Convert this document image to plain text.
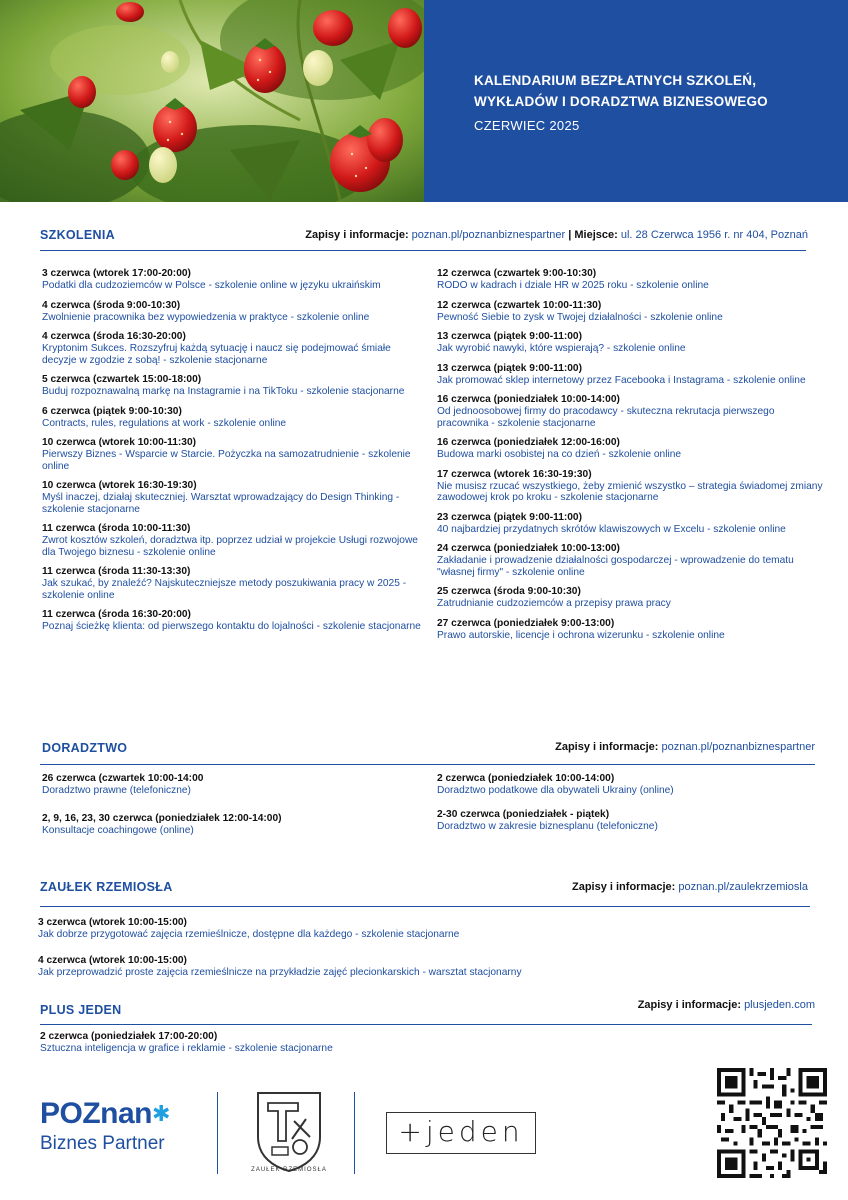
KALENDARIUM BEZPŁATNYCH SZKOLEŃ,
WYKŁADÓW I DORADZTWA BIZNESOWEGO
CZERWIEC 2025
SZKOLENIA	Zapisy i informacje: poznan.pl/poznanbiznespartner | Miejsce: ul. 28 Czerwca 1956 r. nr 404, Poznań
3 czerwca (wtorek 17:00-20:00)
Podatki dla cudzoziemców w Polsce - szkolenie online w języku ukraińskim
4 czerwca (środa 9:00-10:30)
Zwolnienie pracownika bez wypowiedzenia w praktyce - szkolenie online
4 czerwca (środa 16:30-20:00)
Kryptonim Sukces. Rozszyfruj każdą sytuację i naucz się podejmować śmiałe decyzje w zgodzie z sobą! - szkolenie stacjonarne
5 czerwca (czwartek 15:00-18:00)
Buduj rozpoznawalną markę na Instagramie i na TikToku - szkolenie stacjonarne
6 czerwca (piątek 9:00-10:30)
Contracts, rules, regulations at work - szkolenie online
10 czerwca (wtorek 10:00-11:30)
Pierwszy Biznes - Wsparcie w Starcie. Pożyczka na samozatrudnienie - szkolenie online
10 czerwca (wtorek 16:30-19:30)
Myśl inaczej, działaj skuteczniej. Warsztat wprowadzający do Design Thinking - szkolenie stacjonarne
11 czerwca (środa 10:00-11:30)
Zwrot kosztów szkoleń, doradztwa itp. poprzez udział w projekcie Usługi rozwojowe dla Twojego biznesu - szkolenie online
11 czerwca (środa 11:30-13:30)
Jak szukać, by znaleźć? Najskuteczniejsze metody poszukiwania pracy w 2025 - szkolenie online
11 czerwca (środa 16:30-20:00)
Poznaj ścieżkę klienta: od pierwszego kontaktu do lojalności - szkolenie stacjonarne
12 czerwca (czwartek 9:00-10:30)
RODO w kadrach i dziale HR w 2025 roku - szkolenie online
12 czerwca (czwartek 10:00-11:30)
Pewność Siebie to zysk w Twojej działalności - szkolenie online
13 czerwca (piątek 9:00-11:00)
Jak wyrobić nawyki, które wspierają? - szkolenie online
13 czerwca (piątek 9:00-11:00)
Jak promować sklep internetowy przez Facebooka i Instagrama - szkolenie online
16 czerwca (poniedziałek 10:00-14:00)
Od jednoosobowej firmy do pracodawcy - skuteczna rekrutacja pierwszego pracownika - szkolenie stacjonarne
16 czerwca (poniedziałek 12:00-16:00)
Budowa marki osobistej na co dzień - szkolenie online
17 czerwca (wtorek 16:30-19:30)
Nie musisz rzucać wszystkiego, żeby zmienić wszystko – strategia świadomej zmiany zawodowej krok po kroku - szkolenie stacjonarne
23 czerwca (piątek 9:00-11:00)
40 najbardziej przydatnych skrótów klawiszowych w Excelu - szkolenie online
24 czerwca (poniedziałek 10:00-13:00)
Zakładanie i prowadzenie działalności gospodarczej - wprowadzenie do tematu "własnej firmy" - szkolenie online
25 czerwca (środa 9:00-10:30)
Zatrudnianie cudzoziemców a przepisy prawa pracy
27 czerwca (poniedziałek 9:00-13:00)
Prawo autorskie, licencje i ochrona wizerunku - szkolenie online
DORADZTWO	Zapisy i informacje: poznan.pl/poznanbiznespartner
26 czerwca (czwartek 10:00-14:00
Doradztwo prawne (telefoniczne)
2, 9, 16, 23, 30 czerwca (poniedziałek 12:00-14:00)
Konsultacje coachingowe (online)
2 czerwca (poniedziałek 10:00-14:00)
Doradztwo podatkowe dla obywateli Ukrainy (online)
2-30 czerwca (poniedziałek - piątek)
Doradztwo w zakresie biznesplanu (telefoniczne)
ZAUŁEK RZEMIOSŁA	Zapisy i informacje: poznan.pl/zaulekrzemiosla
3 czerwca (wtorek 10:00-15:00)
Jak dobrze przygotować zajęcia rzemieślnicze, dostępne dla każdego - szkolenie stacjonarne
4 czerwca (wtorek 10:00-15:00)
Jak przeprowadzić proste zajęcia rzemieślnicze na przykładzie zajęć plecionkarskich - warsztat stacjonarny
PLUS JEDEN	Zapisy i informacje: plusjeden.com
2 czerwca (poniedziałek 17:00-20:00)
Sztuczna inteligencja w grafice i reklamie - szkolenie stacjonarne
POZnan✱
Biznes Partner
ZAUŁEK RZEMIOSŁA
+jeden
